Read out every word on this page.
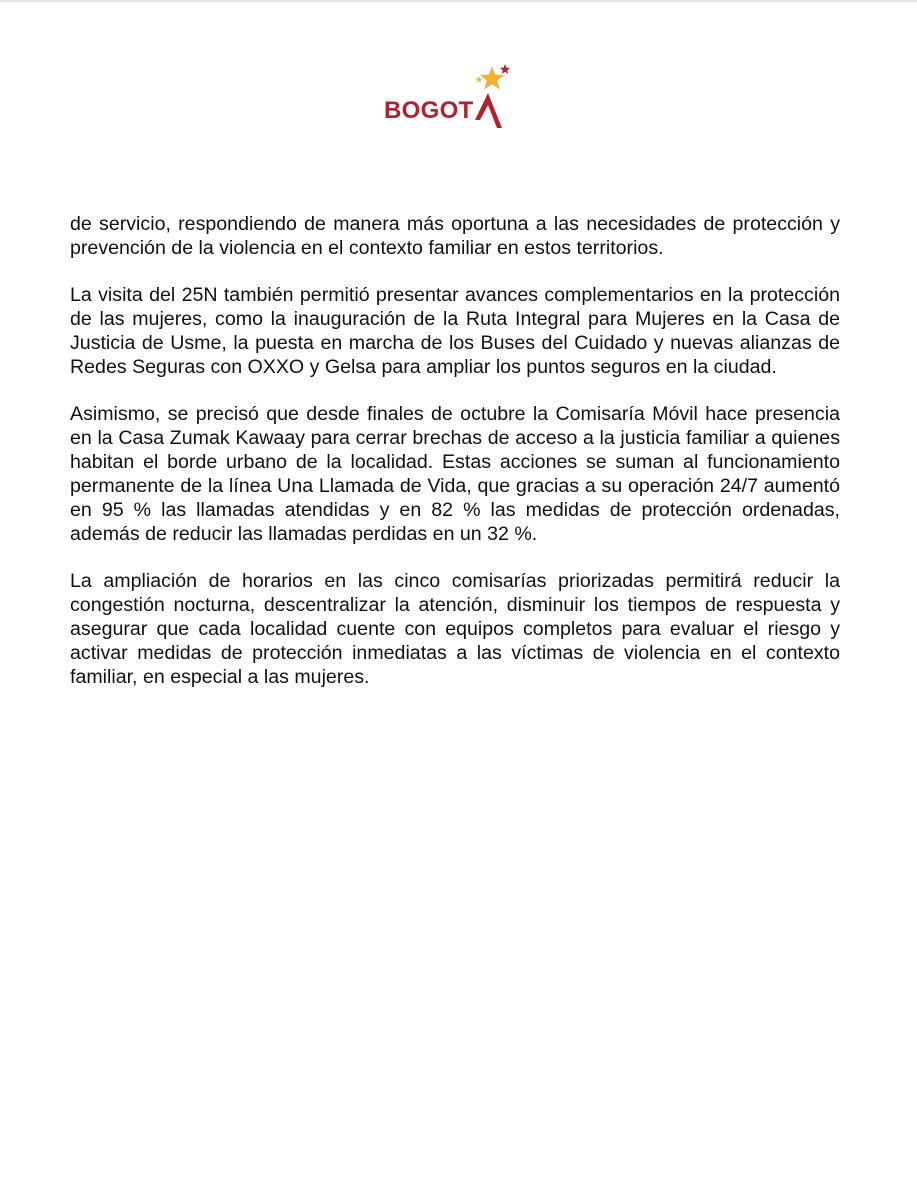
BOGOT

de servicio, respondiendo de manera más oportuna a las necesidades de protección y prevención de la violencia en el contexto familiar en estos territorios.

La visita del 25N también permitió presentar avances complementarios en la protección de las mujeres, como la inauguración de la Ruta Integral para Mujeres en la Casa de Justicia de Usme, la puesta en marcha de los Buses del Cuidado y nuevas alianzas de Redes Seguras con OXXO y Gelsa para ampliar los puntos seguros en la ciudad.

Asimismo, se precisó que desde finales de octubre la Comisaría Móvil hace presencia en la Casa Zumak Kawaay para cerrar brechas de acceso a la justicia familiar a quienes habitan el borde urbano de la localidad. Estas acciones se suman al funcionamiento permanente de la línea Una Llamada de Vida, que gracias a su operación 24/7 aumentó en 95 % las llamadas atendidas y en 82 % las medidas de protección ordenadas, además de reducir las llamadas perdidas en un 32 %.

La ampliación de horarios en las cinco comisarías priorizadas permitirá reducir la congestión nocturna, descentralizar la atención, disminuir los tiempos de respuesta y asegurar que cada localidad cuente con equipos completos para evaluar el riesgo y activar medidas de protección inmediatas a las víctimas de violencia en el contexto familiar, en especial a las mujeres.
